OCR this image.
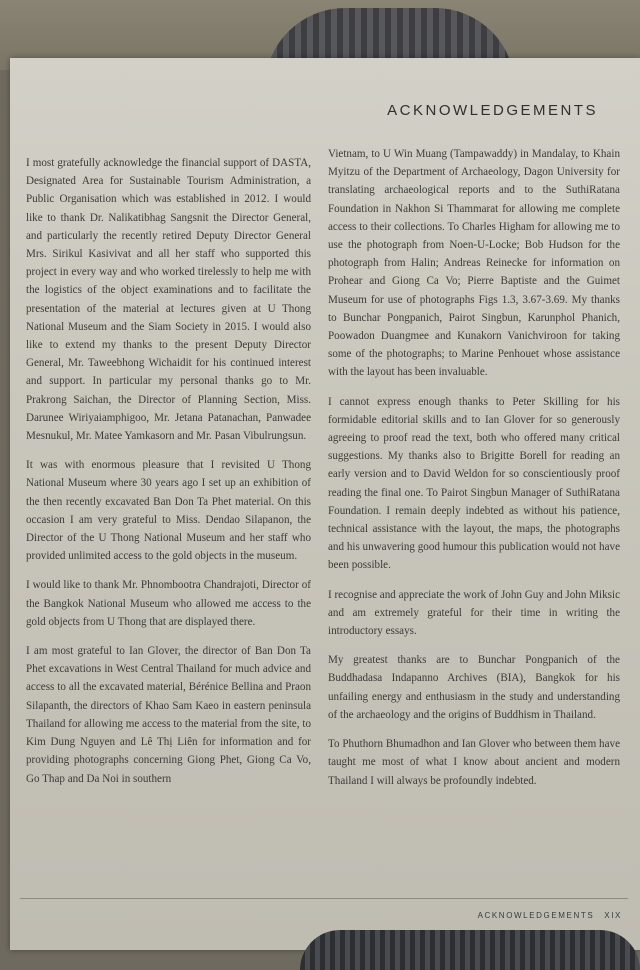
ACKNOWLEDGEMENTS

I most gratefully acknowledge the financial support of DASTA, Designated Area for Sustainable Tourism Administration, a Public Organisation which was established in 2012. I would like to thank Dr. Nalikatibhag Sangsnit the Director General, and particularly the recently retired Deputy Director General Mrs. Sirikul Kasivivat and all her staff who supported this project in every way and who worked tirelessly to help me with the logistics of the object examinations and to facilitate the presentation of the material at lectures given at U Thong National Museum and the Siam Society in 2015. I would also like to extend my thanks to the present Deputy Director General, Mr. Taweebhong Wichaidit for his continued interest and support. In particular my personal thanks go to Mr. Prakrong Saichan, the Director of Planning Section, Miss. Darunee Wiriyaiamphigoo, Mr. Jetana Patanachan, Panwadee Mesnukul, Mr. Matee Yamkasorn and Mr. Pasan Vibulrungsun.

It was with enormous pleasure that I revisited U Thong National Museum where 30 years ago I set up an exhibition of the then recently excavated Ban Don Ta Phet material. On this occasion I am very grateful to Miss. Dendao Silapanon, the Director of the U Thong National Museum and her staff who provided unlimited access to the gold objects in the museum.

I would like to thank Mr. Phnombootra Chandrajoti, Director of the Bangkok National Museum who allowed me access to the gold objects from U Thong that are displayed there.

I am most grateful to Ian Glover, the director of Ban Don Ta Phet excavations in West Central Thailand for much advice and access to all the excavated material, Bérénice Bellina and Praon Silapanth, the directors of Khao Sam Kaeo in eastern peninsula Thailand for allowing me access to the material from the site, to Kim Dung Nguyen and Lê Thị Liên for information and for providing photographs concerning Giong Phet, Giong Ca Vo, Go Thap and Da Noi in southern

Vietnam, to U Win Muang (Tampawaddy) in Mandalay, to Khain Myitzu of the Department of Archaeology, Dagon University for translating archaeological reports and to the SuthiRatana Foundation in Nakhon Si Thammarat for allowing me complete access to their collections. To Charles Higham for allowing me to use the photograph from Noen-U-Locke; Bob Hudson for the photograph from Halin; Andreas Reinecke for information on Prohear and Giong Ca Vo; Pierre Baptiste and the Guimet Museum for use of photographs Figs 1.3, 3.67-3.69. My thanks to Bunchar Pongpanich, Pairot Singbun, Karunphol Phanich, Poowadon Duangmee and Kunakorn Vanichviroon for taking some of the photographs; to Marine Penhouet whose assistance with the layout has been invaluable.

I cannot express enough thanks to Peter Skilling for his formidable editorial skills and to Ian Glover for so generously agreeing to proof read the text, both who offered many critical suggestions. My thanks also to Brigitte Borell for reading an early version and to David Weldon for so conscientiously proof reading the final one. To Pairot Singbun Manager of SuthiRatana Foundation. I remain deeply indebted as without his patience, technical assistance with the layout, the maps, the photographs and his unwavering good humour this publication would not have been possible.

I recognise and appreciate the work of John Guy and John Miksic and am extremely grateful for their time in writing the introductory essays.

My greatest thanks are to Bunchar Pongpanich of the Buddhadasa Indapanno Archives (BIA), Bangkok for his unfailing energy and enthusiasm in the study and understanding of the archaeology and the origins of Buddhism in Thailand.

To Phuthorn Bhumadhon and Ian Glover who between them have taught me most of what I know about ancient and modern Thailand I will always be profoundly indebted.

ACKNOWLEDGEMENTS XIX
